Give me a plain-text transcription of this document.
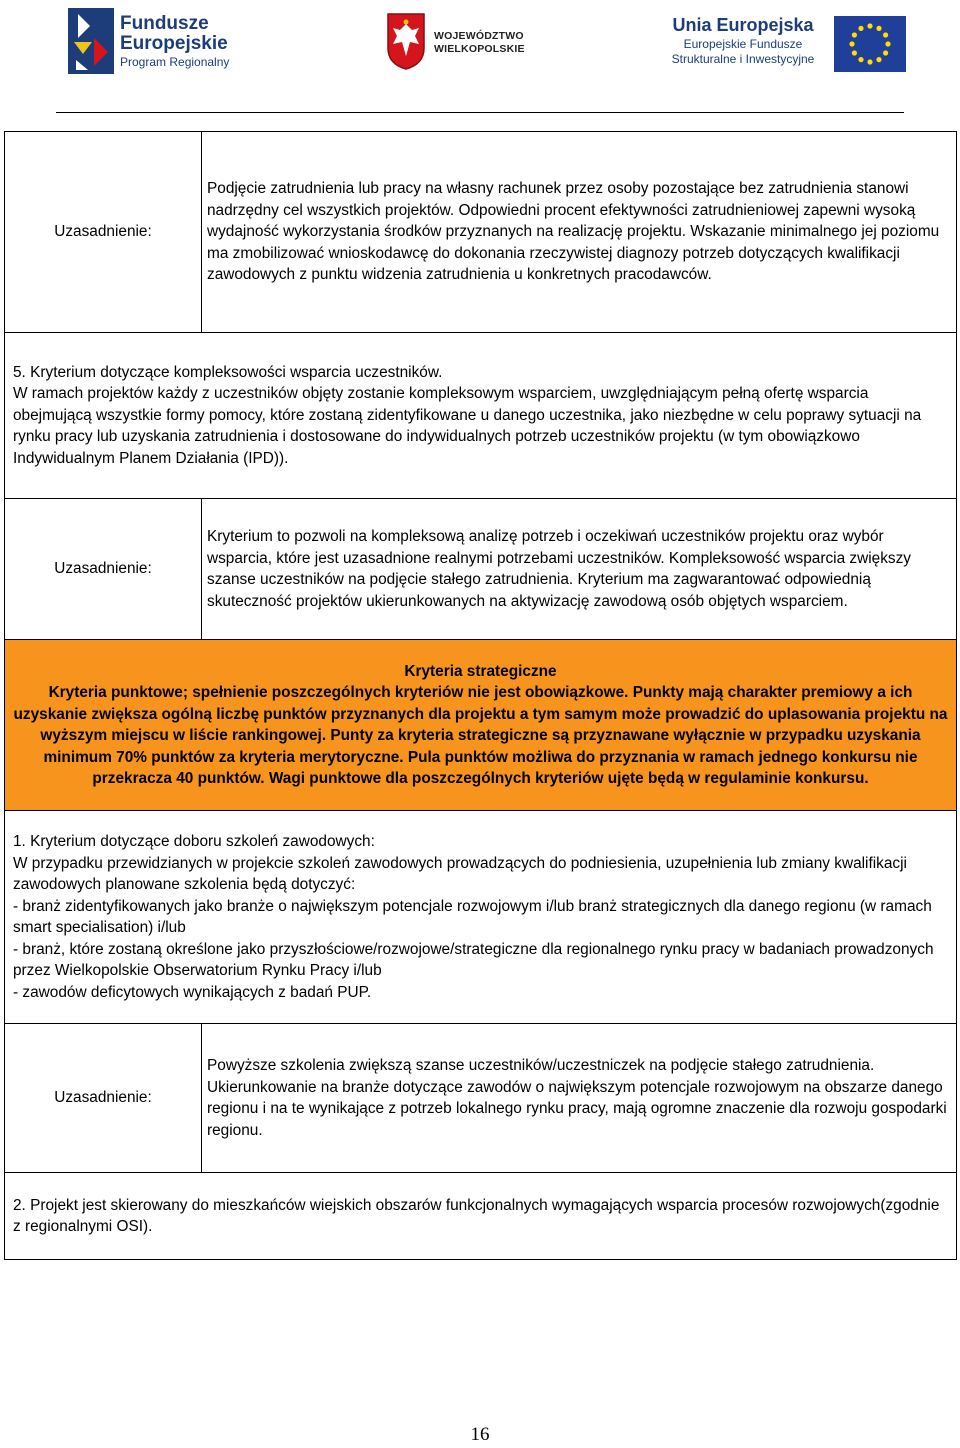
Fundusze
Europejskie
Program Regionalny
WOJEWÓDZTWO
WIELKOPOLSKIE
Unia Europejska
Europejskie Fundusze
Strukturalne i Inwestycyjne
Uzasadnienie:	Podjęcie zatrudnienia lub pracy na własny rachunek przez osoby pozostające bez zatrudnienia stanowi nadrzędny cel wszystkich projektów. Odpowiedni procent efektywności zatrudnieniowej zapewni wysoką wydajność wykorzystania środków przyznanych na realizację projektu. Wskazanie minimalnego jej poziomu ma zmobilizować wnioskodawcę do dokonania rzeczywistej diagnozy potrzeb dotyczących kwalifikacji zawodowych z punktu widzenia zatrudnienia u konkretnych pracodawców.

5. Kryterium dotyczące kompleksowości wsparcia uczestników.
W ramach projektów każdy z uczestników objęty zostanie kompleksowym wsparciem, uwzględniającym pełną ofertę wsparcia obejmującą wszystkie formy pomocy, które zostaną zidentyfikowane u danego uczestnika, jako niezbędne w celu poprawy sytuacji na rynku pracy lub uzyskania zatrudnienia i dostosowane do indywidualnych potrzeb uczestników projektu (w tym obowiązkowo Indywidualnym Planem Działania (IPD)).	

Uzasadnienie:	Kryterium to pozwoli na kompleksową analizę potrzeb i oczekiwań uczestników projektu oraz wybór wsparcia, które jest uzasadnione realnymi potrzebami uczestników. Kompleksowość wsparcia zwiększy szanse uczestników na podjęcie stałego zatrudnienia. Kryterium ma zagwarantować odpowiednią skuteczność projektów ukierunkowanych na aktywizację zawodową osób objętych wsparciem.

Kryteria strategiczne
Kryteria punktowe; spełnienie poszczególnych kryteriów nie jest obowiązkowe. Punkty mają charakter premiowy a ich uzyskanie zwiększa ogólną liczbę punktów przyznanych dla projektu a tym samym może prowadzić do uplasowania projektu na wyższym miejscu w liście rankingowej. Punty za kryteria strategiczne są przyznawane wyłącznie w przypadku uzyskania minimum 70% punktów za kryteria merytoryczne. Pula punktów możliwa do przyznania w ramach jednego konkursu nie przekracza 40 punktów. Wagi punktowe dla poszczególnych kryteriów ujęte będą w regulaminie konkursu.	

1. Kryterium dotyczące doboru szkoleń zawodowych:
W przypadku przewidzianych w projekcie szkoleń zawodowych prowadzących do podniesienia, uzupełnienia lub zmiany kwalifikacji zawodowych planowane szkolenia będą dotyczyć:
- branż zidentyfikowanych jako branże o największym potencjale rozwojowym i/lub branż strategicznych dla danego regionu (w ramach smart specialisation) i/lub
- branż, które zostaną określone jako przyszłościowe/rozwojowe/strategiczne dla regionalnego rynku pracy w badaniach prowadzonych przez Wielkopolskie Obserwatorium Rynku Pracy i/lub
- zawodów deficytowych wynikających z badań PUP.	

Uzasadnienie:	Powyższe szkolenia zwiększą szanse uczestników/uczestniczek na podjęcie stałego zatrudnienia. Ukierunkowanie na branże dotyczące zawodów o największym potencjale rozwojowym na obszarze danego regionu i na te wynikające z potrzeb lokalnego rynku pracy, mają ogromne znaczenie dla rozwoju gospodarki regionu.
2. Projekt jest skierowany do mieszkańców wiejskich obszarów funkcjonalnych wymagających wsparcia procesów rozwojowych(zgodnie z regionalnymi OSI).	
16
